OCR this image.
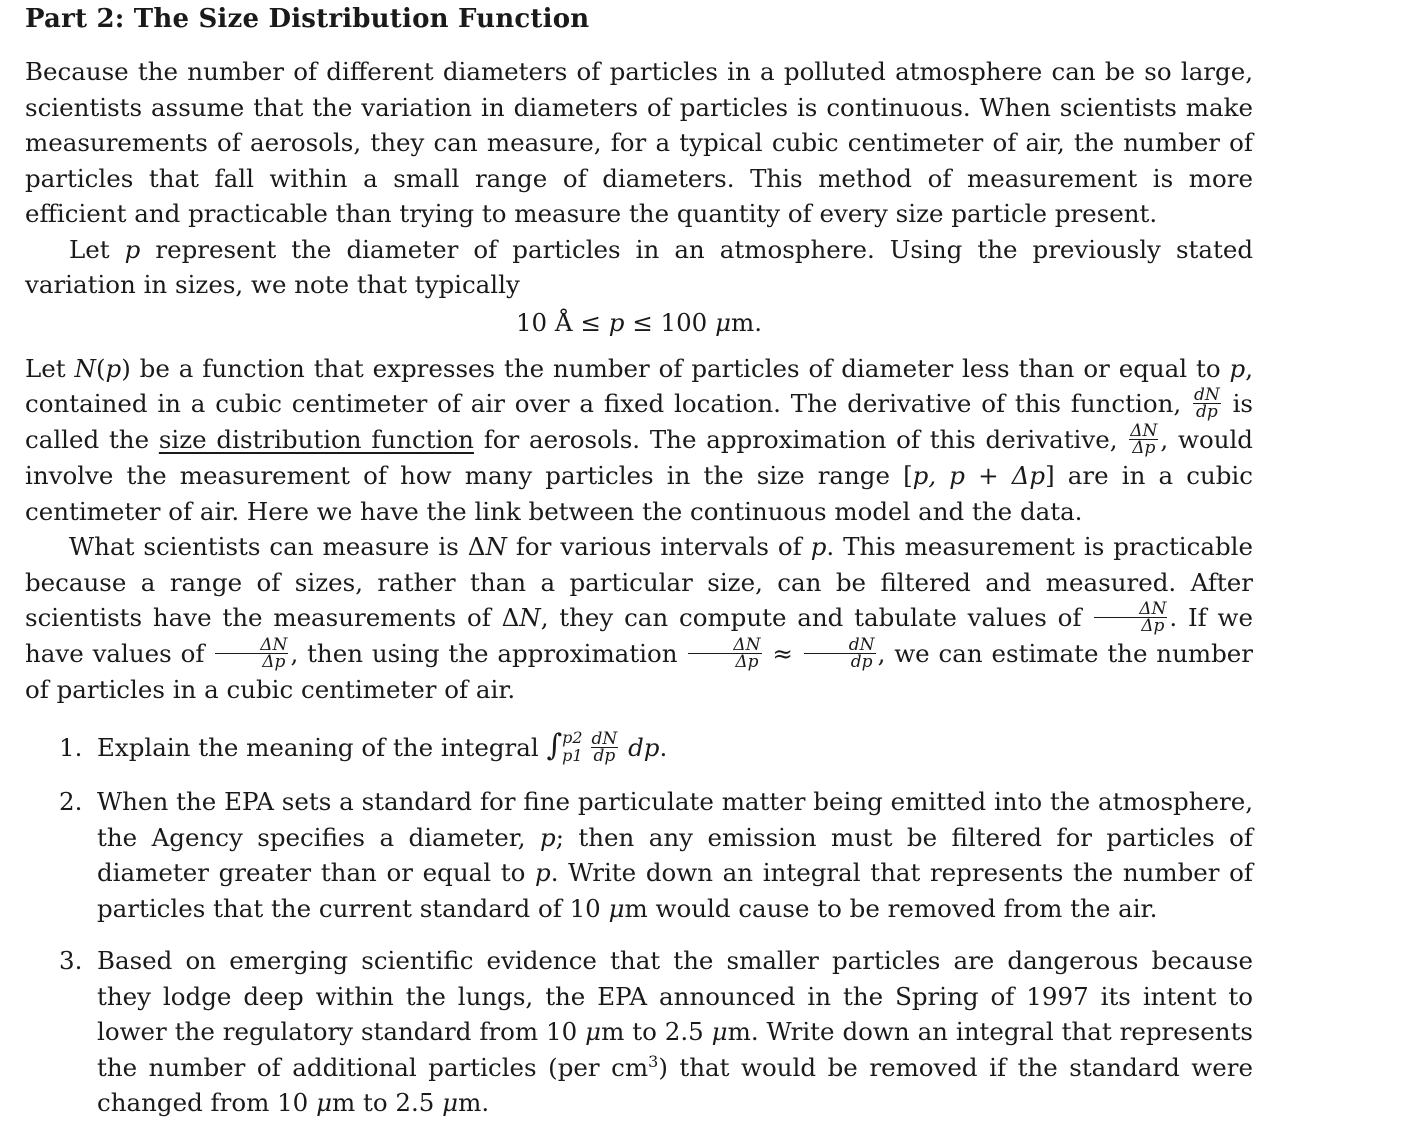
Part 2: The Size Distribution Function

Because the number of different diameters of particles in a polluted atmosphere can be so large, scientists assume that the variation in diameters of particles is continuous. When scientists make measurements of aerosols, they can measure, for a typical cubic centimeter of air, the number of particles that fall within a small range of diameters. This method of measurement is more efficient and practicable than trying to measure the quantity of every size particle present.

Let p represent the diameter of particles in an atmosphere. Using the previously stated variation in sizes, we note that typically

10 Å ≤ p ≤ 100 μm.

Let N(p) be a function that expresses the number of particles of diameter less than or equal to p, contained in a cubic centimeter of air over a fixed location. The derivative of this function, $\frac{dN}{dp}$ is called the size distribution function for aerosols. The approximation of this derivative, $\frac{\Delta N}{\Delta p}$ , would involve the measurement of how many particles in the size range [p, p + Δp] are in a cubic centimeter of air. Here we have the link between the continuous model and the data.

What scientists can measure is ΔN for various intervals of p. This measurement is practicable because a range of sizes, rather than a particular size, can be filtered and measured. After scientists have the measurements of ΔN, they can compute and tabulate values of $\frac{\Delta N}{\Delta p}$ . If we have values of $\frac{\Delta N}{\Delta p}$ , then using the approximation $\frac{\Delta N}{\Delta p} \approx \frac{dN}{dp}$ , we can estimate the number of particles in a cubic centimeter of air.

1. Explain the meaning of the integral ∫ p2
$p1 \frac{dN}{dp}$ dp.
2. When the EPA sets a standard for fine particulate matter being emitted into the atmosphere, the Agency specifies a diameter, p; then any emission must be filtered for particles of diameter greater than or equal to p. Write down an integral that represents the number of particles that the current standard of 10 μm would cause to be removed from the air.
3. Based on emerging scientific evidence that the smaller particles are dangerous because they lodge deep within the lungs, the EPA announced in the Spring of 1997 its intent to lower the regulatory standard from 10 μm to 2.5 μm. Write down an integral that represents the number of additional particles (per $cm^3$) that would be removed if the standard were changed from 10 μm to 2.5 μm.
